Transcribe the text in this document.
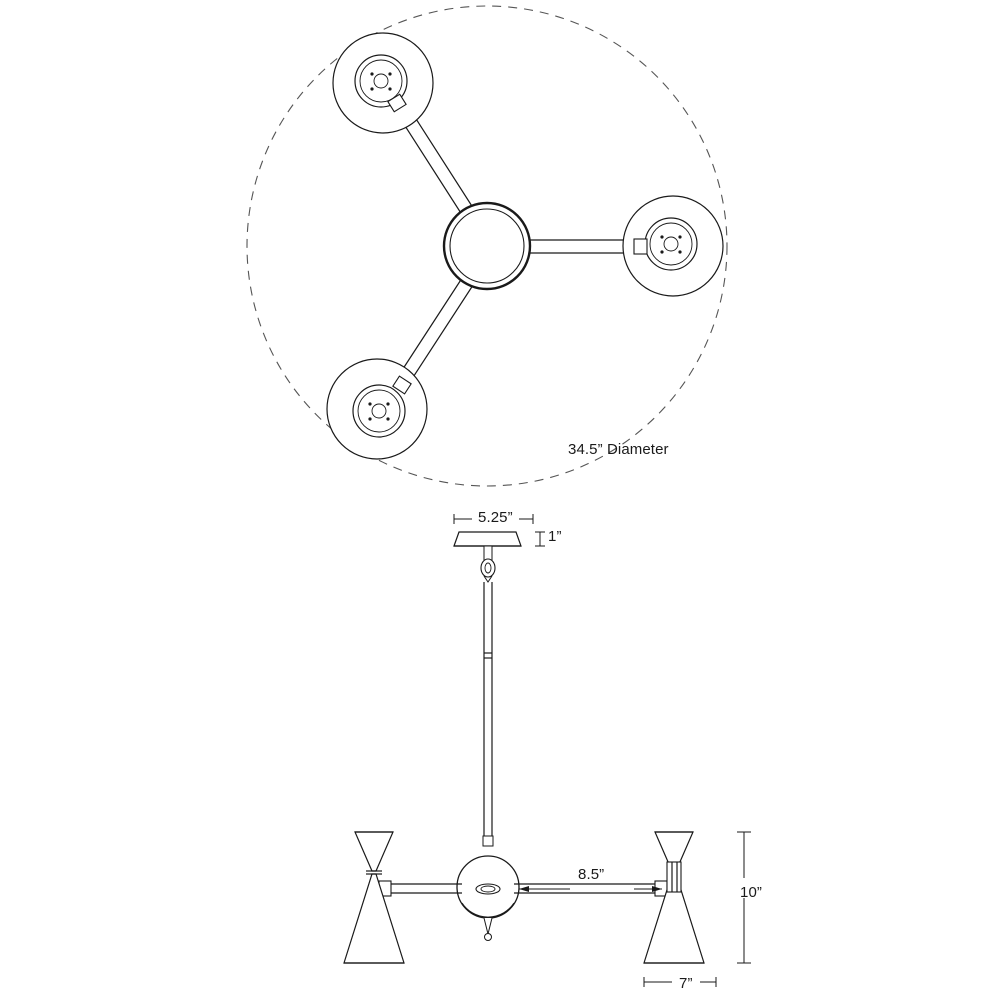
34.5” Diameter
5.25”
1”
8.5”
10”
7”
